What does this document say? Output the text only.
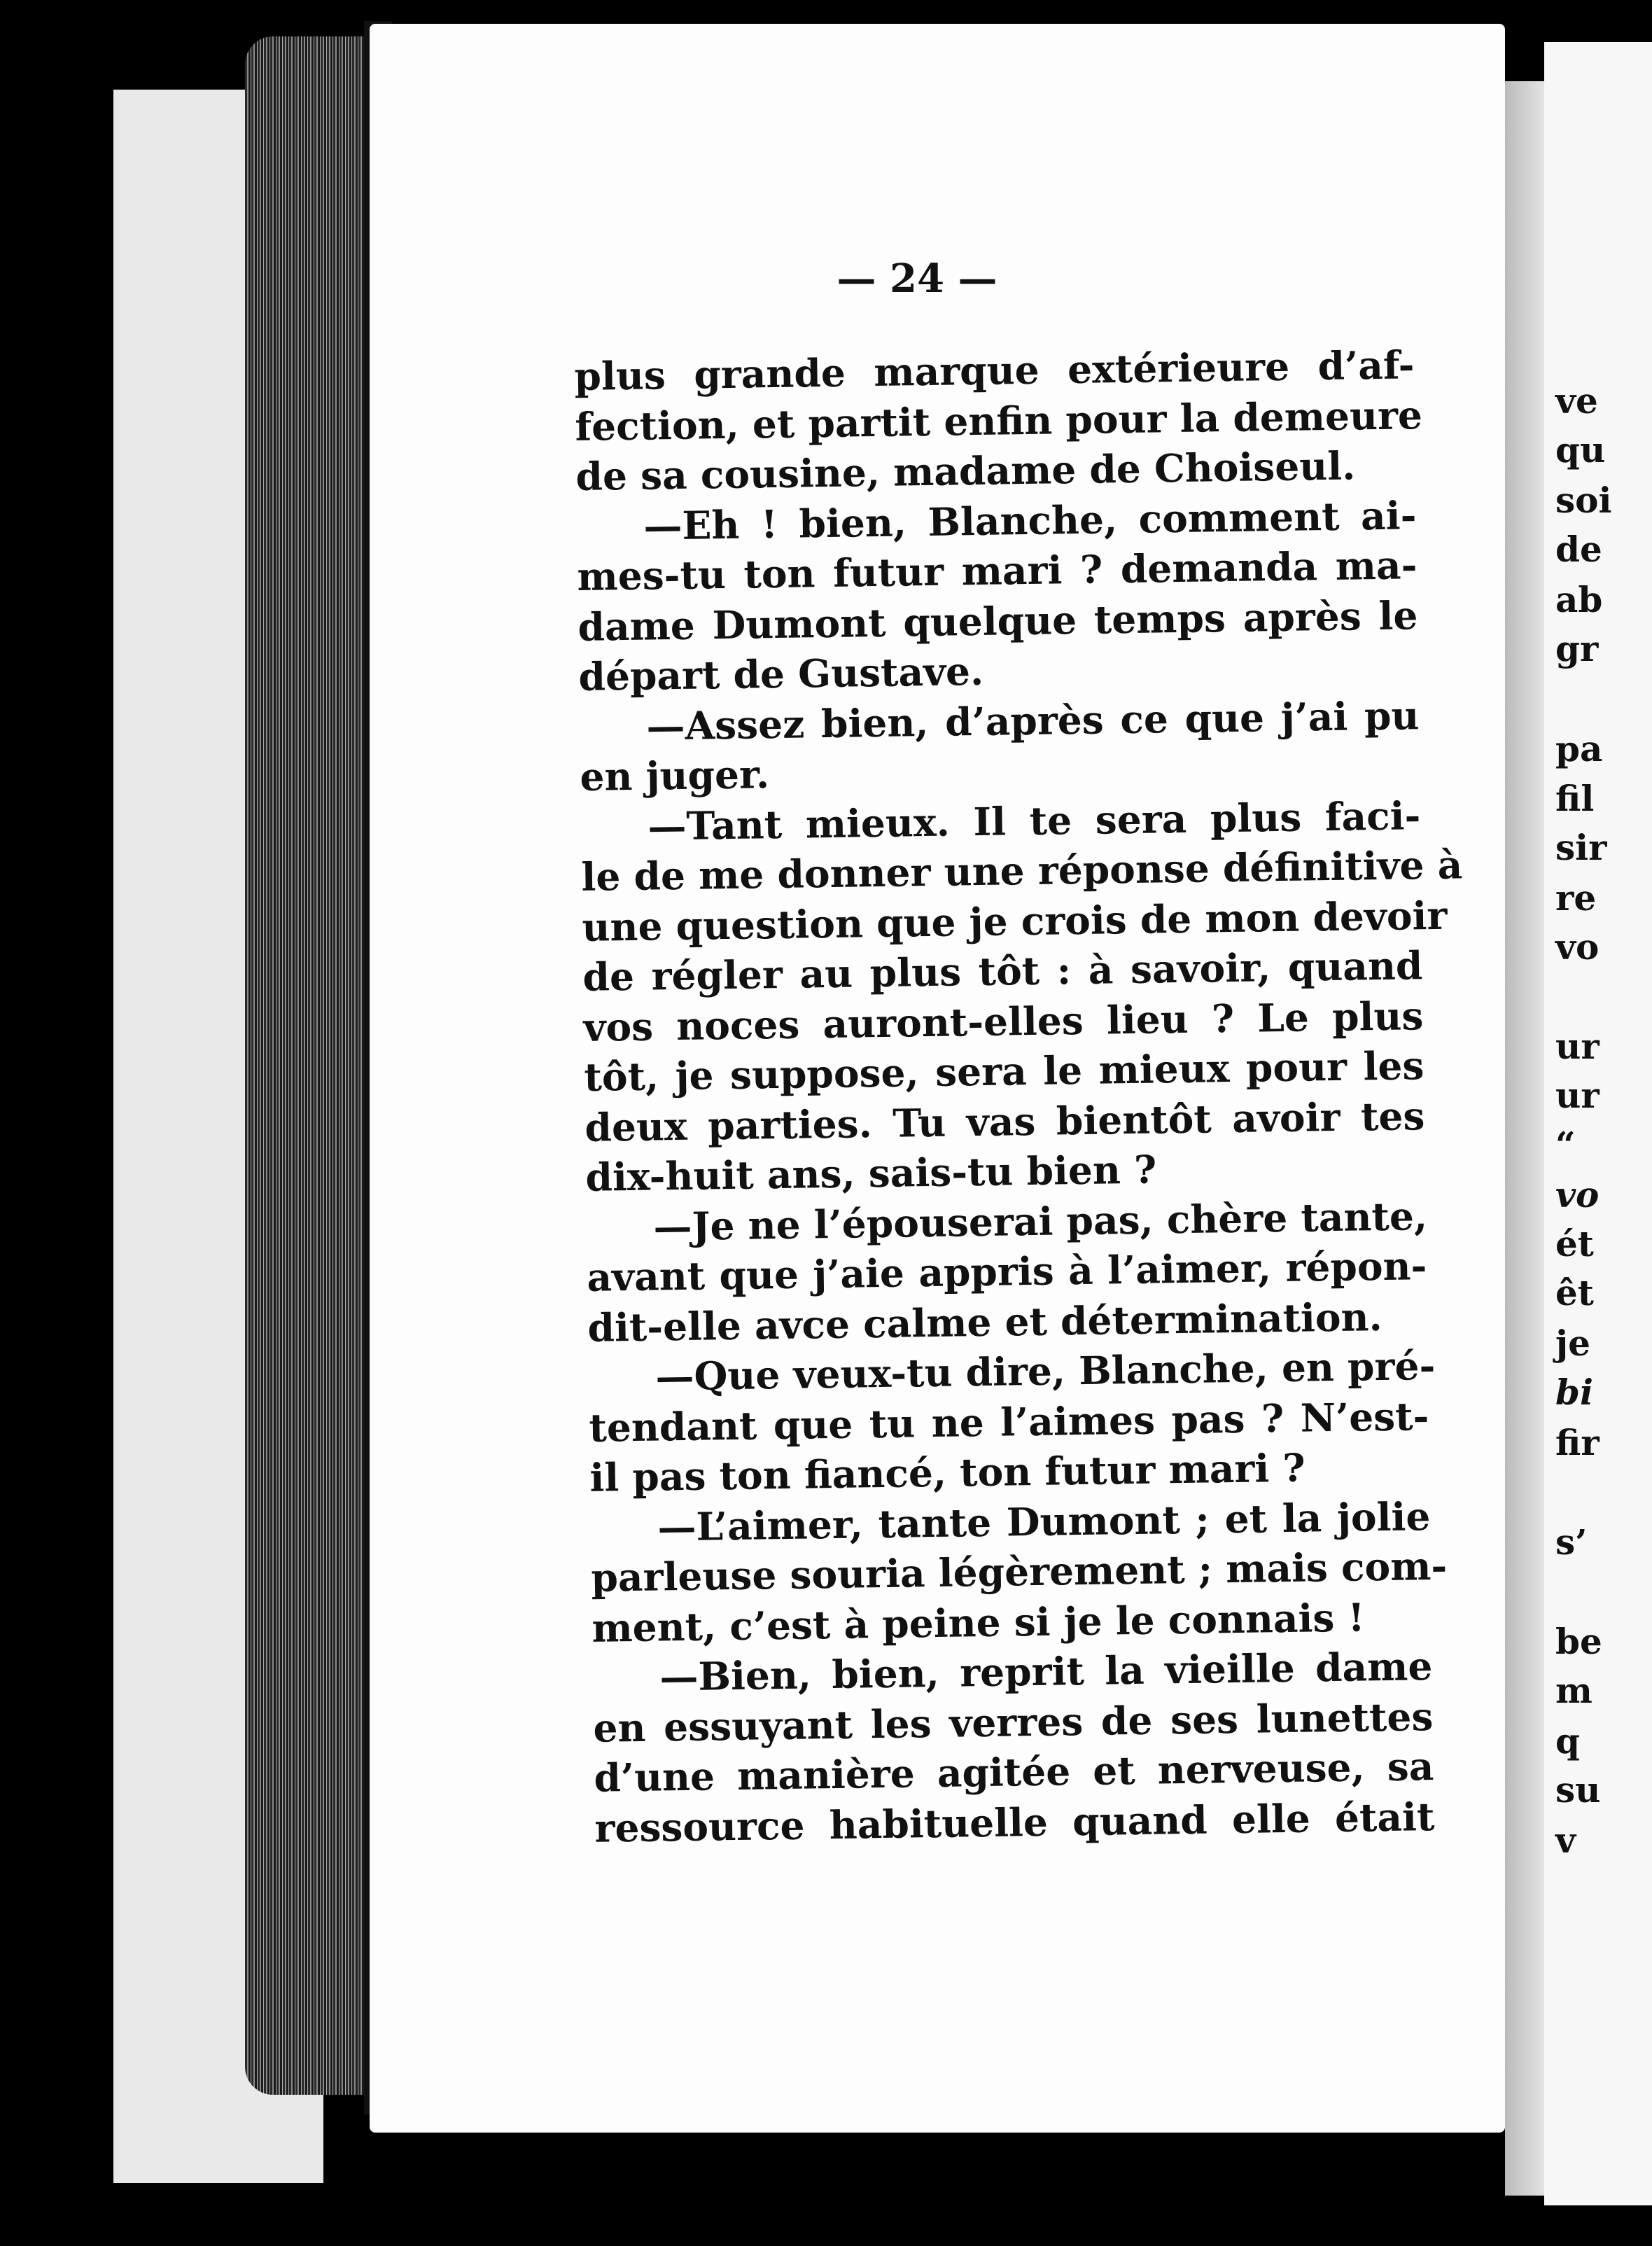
— 24 —
plus grande marque extérieure d’af-
fection, et partit enfin pour la demeure
de sa cousine, madame de Choiseul.
—Eh ! bien, Blanche, comment ai-
mes-tu ton futur mari ? demanda ma-
dame Dumont quelque temps après le
départ de Gustave.
—Assez bien, d’après ce que j’ai pu
en juger.
—Tant mieux. Il te sera plus faci-
le de me donner une réponse définitive à
une question que je crois de mon devoir
de régler au plus tôt : à savoir, quand
vos noces auront-elles lieu ? Le plus
tôt, je suppose, sera le mieux pour les
deux parties. Tu vas bientôt avoir tes
dix-huit ans, sais-tu bien ?
—Je ne l’épouserai pas, chère tante,
avant que j’aie appris à l’aimer, répon-
dit-elle avce calme et détermination.
—Que veux-tu dire, Blanche, en pré-
tendant que tu ne l’aimes pas ? N’est-
il pas ton fiancé, ton futur mari ?
—L’aimer, tante Dumont ; et la jolie
parleuse souria légèrement ; mais com-
ment, c’est à peine si je le connais !
—Bien, bien, reprit la vieille dame
en essuyant les verres de ses lunettes
d’une manière agitée et nerveuse, sa
ressource habituelle quand elle était
ve
qu
soi
de
ab
gr
pa
fil
sir
re
vo
ur
ur
“
vo
ét
êt
je
bi
fir
s’
be
m
q
su
v
